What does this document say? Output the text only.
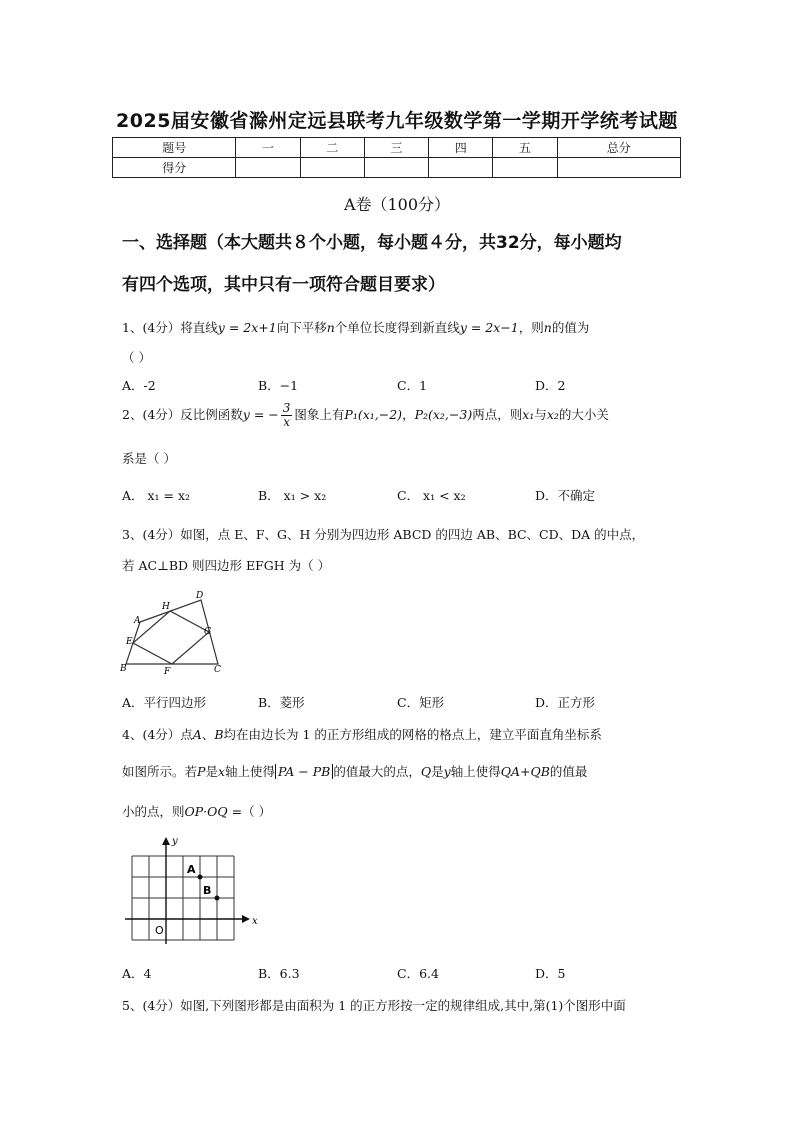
2025届安徽省滁州定远县联考九年级数学第一学期开学统考试题
题号	一	二	三	四	五	总分
得分						
A卷（100分）
一、选择题（本大题共８个小题，每小题４分，共32分，每小题均
有四个选项，其中只有一项符合题目要求）
1、(4分）将直线y = 2x+1向下平移n个单位长度得到新直线y = 2x−1，则n的值为
（ ）
A．-2	B．−1	C．1	D．2
2、(4分）反比例函数y = − $\frac{3}{x}$ 图象上有P₁(x₁,−2)，P₂(x₂,−3)两点，则x₁与x₂的大小关
系是（ ）
A． x₁ = x₂	B． x₁ > x₂	C． x₁ < x₂	D．不确定
3、(4分）如图，点 E、F、G、H 分别为四边形 ABCD 的四边 AB、BC、CD、DA 的中点，
若 AC⊥BD 则四边形 EFGH 为（ ）
A
B	C
D
E
F
G
H
A．平行四边形	B．菱形	C．矩形	D．正方形
4、(4分）点A、B均在由边长为 1 的正方形组成的网格的格点上，建立平面直角坐标系
如图所示。若P是x轴上使得 PA − PB 的值最大的点，Q是y轴上使得QA+QB的值最
小的点，则OP·OQ =（ ）
y
x
O
A
B
A．4	B．6.3	C．6.4	D．5
5、(4分）如图,下列图形都是由面积为 1 的正方形按一定的规律组成,其中,第(1)个图形中面
